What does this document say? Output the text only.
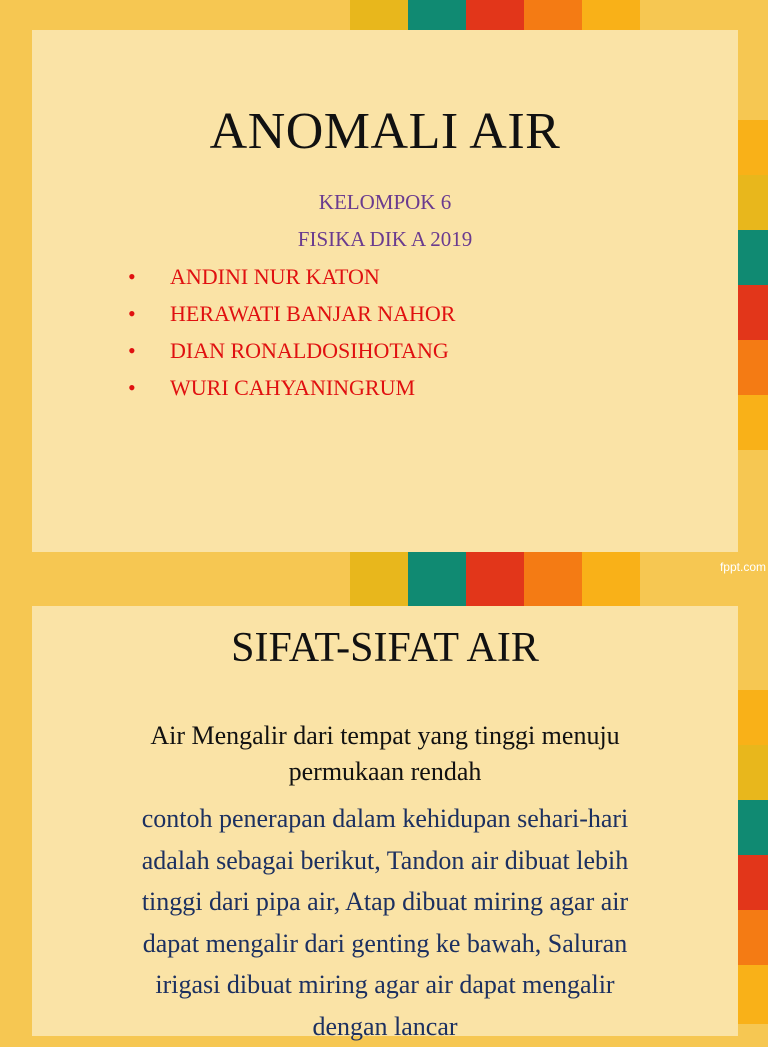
ANOMALI AIR
KELOMPOK 6
FISIKA DIK A 2019
• ANDINI NUR KATON
• HERAWATI BANJAR NAHOR
• DIAN RONALDOSIHOTANG
• WURI CAHYANINGRUM
fppt.com
SIFAT-SIFAT AIR
Air Mengalir dari tempat yang tinggi menuju
permukaan rendah
contoh penerapan dalam kehidupan sehari-hari
adalah sebagai berikut, Tandon air dibuat lebih
tinggi dari pipa air, Atap dibuat miring agar air
dapat mengalir dari genting ke bawah, Saluran
irigasi dibuat miring agar air dapat mengalir
dengan lancar
